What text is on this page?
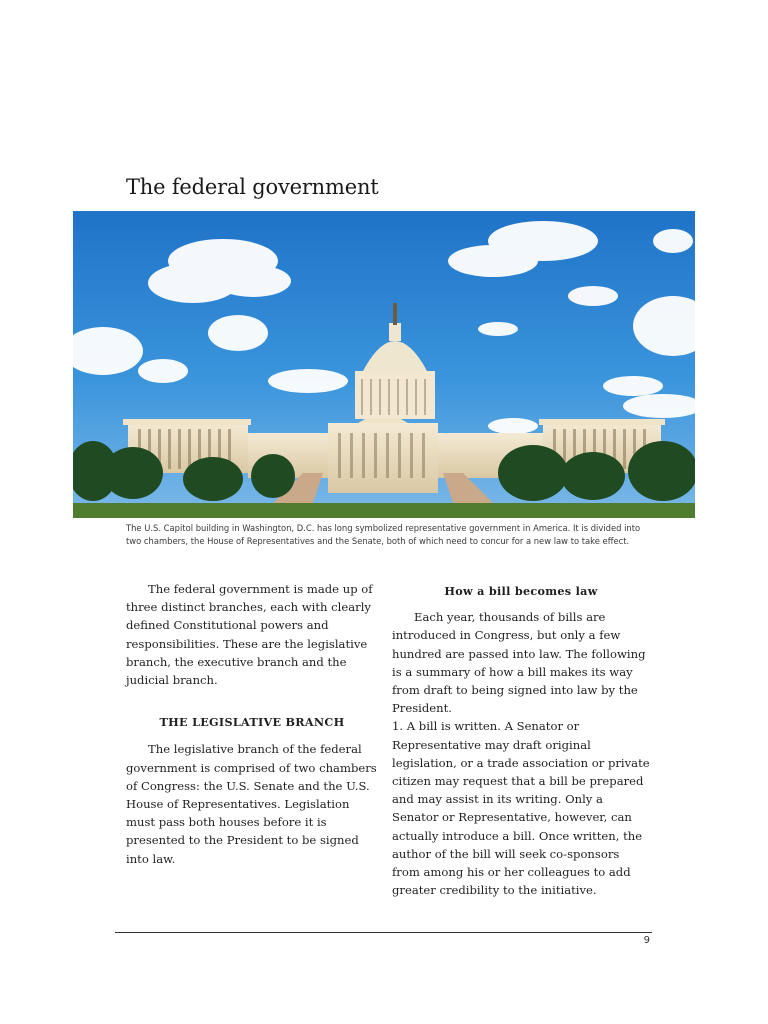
The federal government
The U.S. Capitol building in Washington, D.C. has long symbolized representative government in America. It is divided into two chambers, the House of Representatives and the Senate, both of which need to concur for a new law to take effect.

The federal government is made up of three distinct branches, each with clearly defined Constitutional powers and responsibilities. These are the legislative branch, the executive branch and the judicial branch.

THE LEGISLATIVE BRANCH

The legislative branch of the federal government is comprised of two chambers of Congress: the U.S. Senate and the U.S. House of Representatives. Legislation must pass both houses before it is presented to the President to be signed into law.

How a bill becomes law

Each year, thousands of bills are introduced in Congress, but only a few hundred are passed into law. The following is a summary of how a bill makes its way from draft to being signed into law by the President.

1. A bill is written. A Senator or Representative may draft original legislation, or a trade association or private citizen may request that a bill be prepared and may assist in its writing. Only a Senator or Representative, however, can actually introduce a bill. Once written, the author of the bill will seek co-sponsors from among his or her colleagues to add greater credibility to the initiative.

9
